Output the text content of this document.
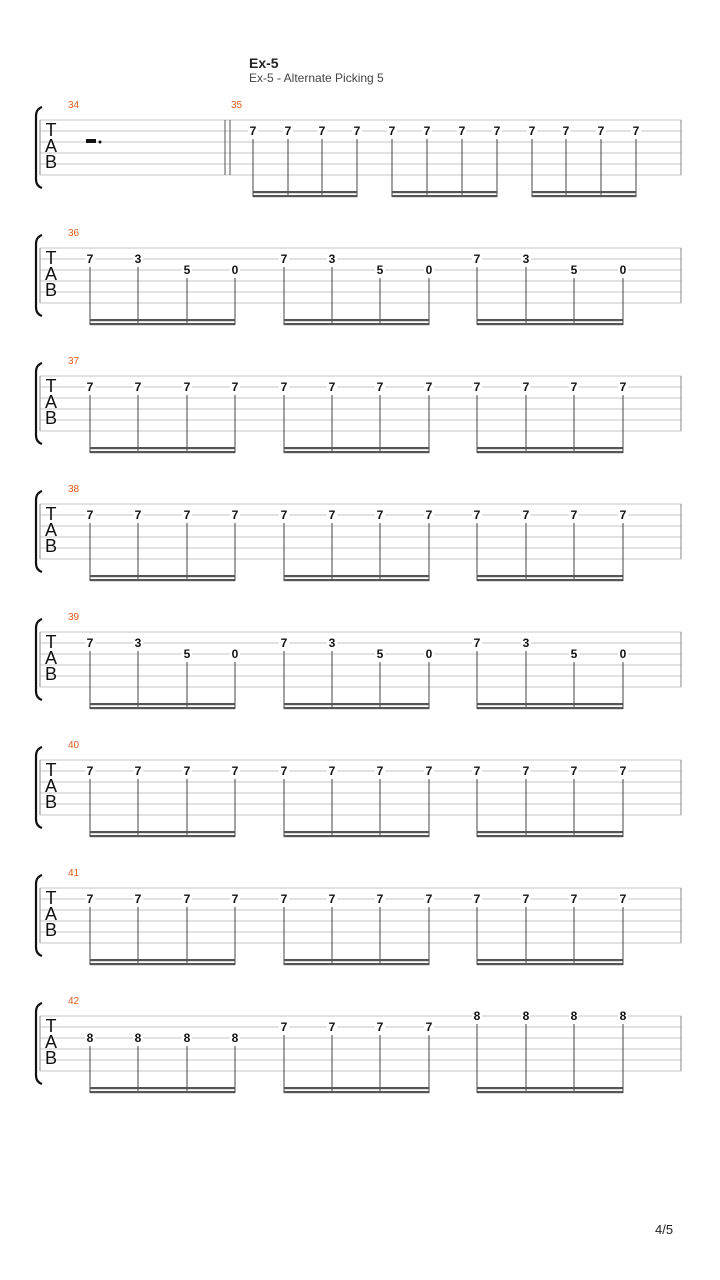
Ex-5
Ex-5 - Alternate Picking 5
T
A
B
34	35
7 7 7 7 7 7 7 7 7 7 7 7
T
A
B
36
7	3
5	0
7	3
5	0
7	3
5	0
T
A
B
37
7	7	7	7	7	7	7	7	7	7	7	7
T
A
B
38
7	7	7	7	7	7	7	7	7	7	7	7
T
A
B
39
7	3
5	0
7	3
5	0
7	3
5	0
T
A
B
40
7	7	7	7	7	7	7	7	7	7	7	7
T
A
B
41
7	7	7	7	7	7	7	7	7	7	7	7
T
A
B
42
8	8	8	8
7	7	7	7
8	8	8	8
4/5
